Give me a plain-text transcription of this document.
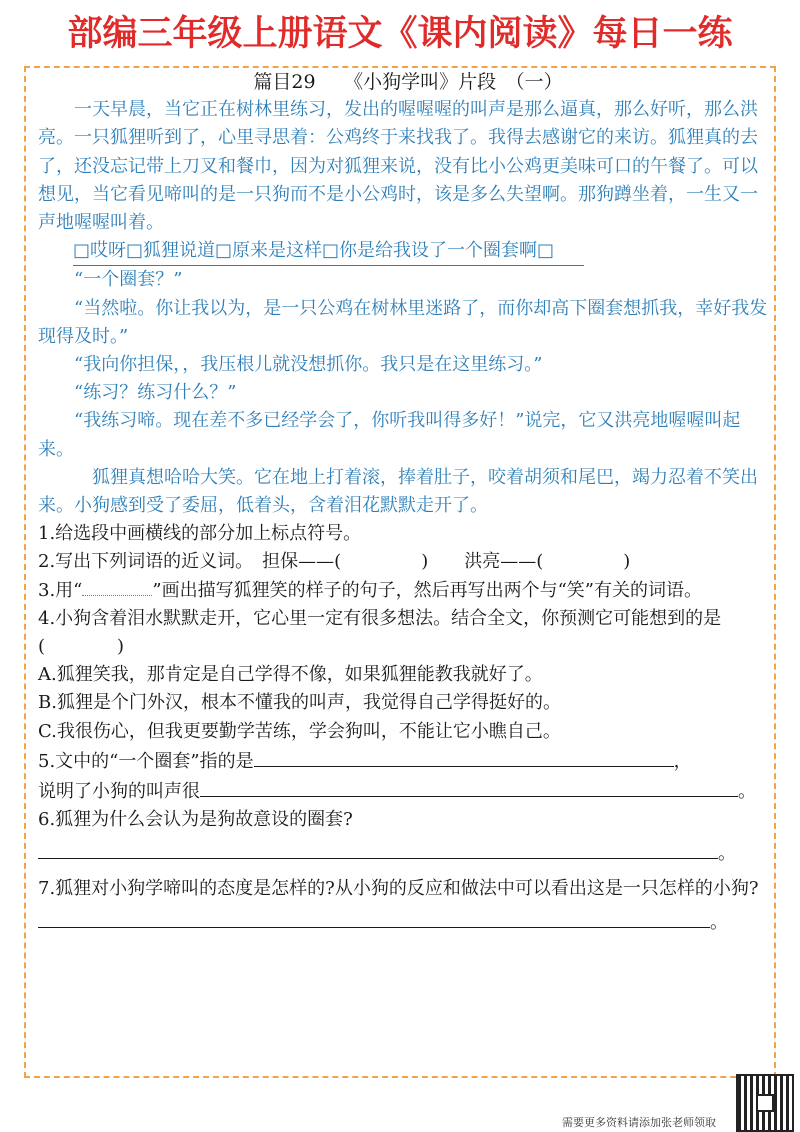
部编三年级上册语文《课内阅读》每日一练

篇目29　　《小狗学叫》片段　（一）

一天早晨，当它正在树林里练习，发出的喔喔喔的叫声是那么逼真，那么好听，那么洪亮。一只狐狸听到了，心里寻思着：公鸡终于来找我了。我得去感谢它的来访。狐狸真的去了，还没忘记带上刀叉和餐巾，因为对狐狸来说，没有比小公鸡更美味可口的午餐了。可以想见，当它看见啼叫的是一只狗而不是小公鸡时，该是多么失望啊。那狗蹲坐着，一生又一声地喔喔叫着。

□哎呀□狐狸说道□原来是这样□你是给我设了一个圈套啊□

“一个圈套？”

“当然啦。你让我以为，是一只公鸡在树林里迷路了，而你却高下圈套想抓我，幸好我发现得及时。”

“我向你担保，，我压根儿就没想抓你。我只是在这里练习。”

“练习？练习什么？”

“我练习啼。现在差不多已经学会了，你听我叫得多好！”说完，它又洪亮地喔喔叫起来。

狐狸真想哈哈大笑。它在地上打着滚，捧着肚子，咬着胡须和尾巴，竭力忍着不笑出来。小狗感到受了委屈，低着头，含着泪花默默走开了。

1.给选段中画横线的部分加上标点符号。

2.写出下列词语的近义词。　担保——(	)　　洪亮——(	)

3.用“	”画出描写狐狸笑的样子的句子，然后再写出两个与“笑”有关的词语。

4.小狗含着泪水默默走开，它心里一定有很多想法。结合全文，你预测它可能想到的是(　　　　)

A.狐狸笑我，那肯定是自己学得不像，如果狐狸能教我就好了。

B.狐狸是个门外汉，根本不懂我的叫声，我觉得自己学得挺好的。

C.我很伤心，但我更要勤学苦练，学会狗叫，不能让它小瞧自己。

5.文中的“一个圈套”指的是	，

说明了小狗的叫声很	。

6.狐狸为什么会认为是狗故意设的圈套?

。

7.狐狸对小狗学啼叫的态度是怎样的?从小狗的反应和做法中可以看出这是一只怎样的小狗?

。

需要更多资料请添加张老师领取
